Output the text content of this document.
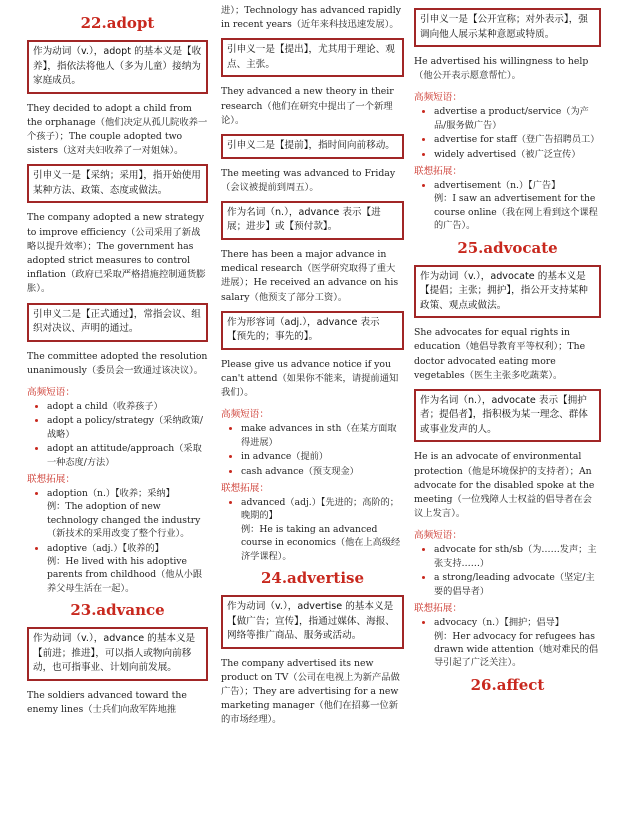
22.adopt
作为动词（v.），adopt 的基本义是【收养】，指依法将他人（多为儿童）接纳为家庭成员。
They decided to adopt a child from the orphanage（他们决定从孤儿院收养一个孩子）；The couple adopted two sisters（这对夫妇收养了一对姐妹）。
引申义一是【采纳；采用】，指开始使用某种方法、政策、态度或做法。
The company adopted a new strategy to improve efficiency（公司采用了新战略以提升效率）；The government has adopted strict measures to control inflation（政府已采取严格措施控制通货膨胀）。
引申义二是【正式通过】，常指会议、组织对决议、声明的通过。
The committee adopted the resolution unanimously（委员会一致通过该决议）。
高频短语：
• adopt a child（收养孩子）
• adopt a policy/strategy（采纳政策/战略）
• adopt an attitude/approach（采取一种态度/方法）
联想拓展：
• adoption（n.）【收养；采纳】
例：The adoption of new technology changed the industry（新技术的采用改变了整个行业）。
• adoptive（adj.）【收养的】
例：He lived with his adoptive parents from childhood（他从小跟养父母生活在一起）。
23.advance
作为动词（v.），advance 的基本义是【前进；推进】，可以指人或物向前移动，也可指事业、计划向前发展。
The soldiers advanced toward the enemy lines（士兵们向敌军阵地推
进）；Technology has advanced rapidly in recent years（近年来科技迅速发展）。
引申义一是【提出】，尤其用于理论、观点、主张。
They advanced a new theory in their research（他们在研究中提出了一个新理论）。
引申义二是【提前】，指时间向前移动。
The meeting was advanced to Friday（会议被提前到周五）。
作为名词（n.），advance 表示【进展；进步】或【预付款】。
There has been a major advance in medical research（医学研究取得了重大进展）；He received an advance on his salary（他预支了部分工资）。
作为形容词（adj.），advance 表示【预先的；事先的】。
Please give us advance notice if you can't attend（如果你不能来，请提前通知我们）。
高频短语：
• make advances in sth（在某方面取得进展）
• in advance（提前）
• cash advance（预支现金）
联想拓展：
• advanced（adj.）【先进的；高阶的；晚期的】
例：He is taking an advanced course in economics（他在上高级经济学课程）。
24.advertise
作为动词（v.），advertise 的基本义是【做广告；宣传】，指通过媒体、海报、网络等推广商品、服务或活动。
The company advertised its new product on TV（公司在电视上为新产品做广告）；They are advertising for a new marketing manager（他们在招募一位新的市场经理）。
引申义一是【公开宣称；对外表示】，强调向他人展示某种意愿或特质。
He advertised his willingness to help（他公开表示愿意帮忙）。
高频短语：
• advertise a product/service（为产品/服务做广告）
• advertise for staff（登广告招聘员工）
• widely advertised（被广泛宣传）
联想拓展：
• advertisement（n.）【广告】
例：I saw an advertisement for the course online（我在网上看到这个课程的广告）。
25.advocate
作为动词（v.），advocate 的基本义是【提倡；主张；拥护】，指公开支持某种政策、观点或做法。
She advocates for equal rights in education（她倡导教育平等权利）；The doctor advocated eating more vegetables（医生主张多吃蔬菜）。
作为名词（n.），advocate 表示【拥护者；提倡者】，指积极为某一理念、群体或事业发声的人。
He is an advocate of environmental protection（他是环境保护的支持者）；An advocate for the disabled spoke at the meeting（一位残障人士权益的倡导者在会议上发言）。
高频短语：
• advocate for sth/sb（为……发声；主张支持……）
• a strong/leading advocate（坚定/主要的倡导者）
联想拓展：
• advocacy（n.）【拥护；倡导】
例：Her advocacy for refugees has drawn wide attention（她对难民的倡导引起了广泛关注）。
26.affect
